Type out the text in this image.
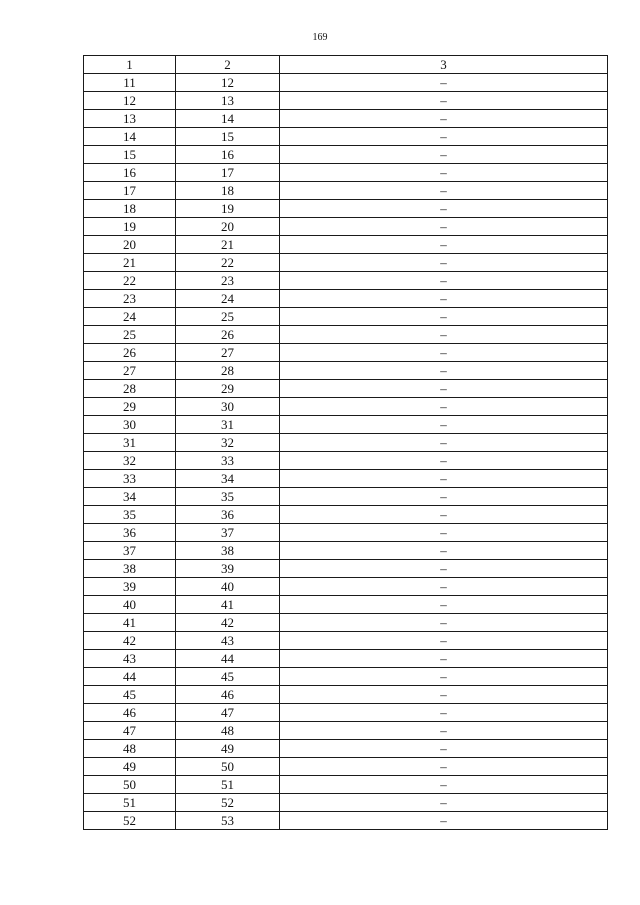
169
1	2	3
11	12	–
12	13	–
13	14	–
14	15	–
15	16	–
16	17	–
17	18	–
18	19	–
19	20	–
20	21	–
21	22	–
22	23	–
23	24	–
24	25	–
25	26	–
26	27	–
27	28	–
28	29	–
29	30	–
30	31	–
31	32	–
32	33	–
33	34	–
34	35	–
35	36	–
36	37	–
37	38	–
38	39	–
39	40	–
40	41	–
41	42	–
42	43	–
43	44	–
44	45	–
45	46	–
46	47	–
47	48	–
48	49	–
49	50	–
50	51	–
51	52	–
52	53	–
